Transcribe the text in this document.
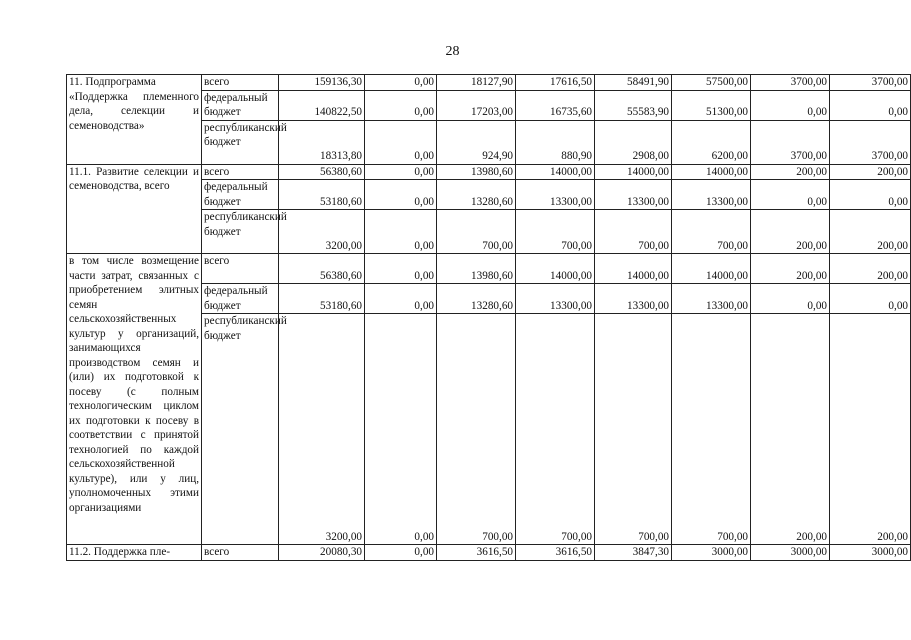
28
11. Подпрограмма
«Поддержка племенного дела, селекции и семеноводства»	всего	159136,30	0,00	18127,90	17616,50	58491,90	57500,00	3700,00	3700,00
	федеральный бюджет	140822,50	0,00	17203,00	16735,60	55583,90	51300,00	0,00	0,00
	республиканский бюджет	18313,80	0,00	924,90	880,90	2908,00	6200,00	3700,00	3700,00
11.1. Развитие селекции и семеноводства, всего	всего	56380,60	0,00	13980,60	14000,00	14000,00	14000,00	200,00	200,00
	федеральный бюджет	53180,60	0,00	13280,60	13300,00	13300,00	13300,00	0,00	0,00
	республиканский бюджет	3200,00	0,00	700,00	700,00	700,00	700,00	200,00	200,00
в том числе возмещение части затрат, связанных с приобретением элитных семян сельскохозяйственных культур у организаций, занимающихся производством семян и (или) их подготовкой к посеву (с полным технологическим циклом их подготовки к посеву в соответствии с принятой технологией по каждой сельскохозяйственной культуре), или у лиц, уполномоченных этими организациями	всего	56380,60	0,00	13980,60	14000,00	14000,00	14000,00	200,00	200,00
	федеральный бюджет	53180,60	0,00	13280,60	13300,00	13300,00	13300,00	0,00	0,00
	республиканский бюджет	3200,00	0,00	700,00	700,00	700,00	700,00	200,00	200,00
11.2. Поддержка пле-	всего	20080,30	0,00	3616,50	3616,50	3847,30	3000,00	3000,00	3000,00
